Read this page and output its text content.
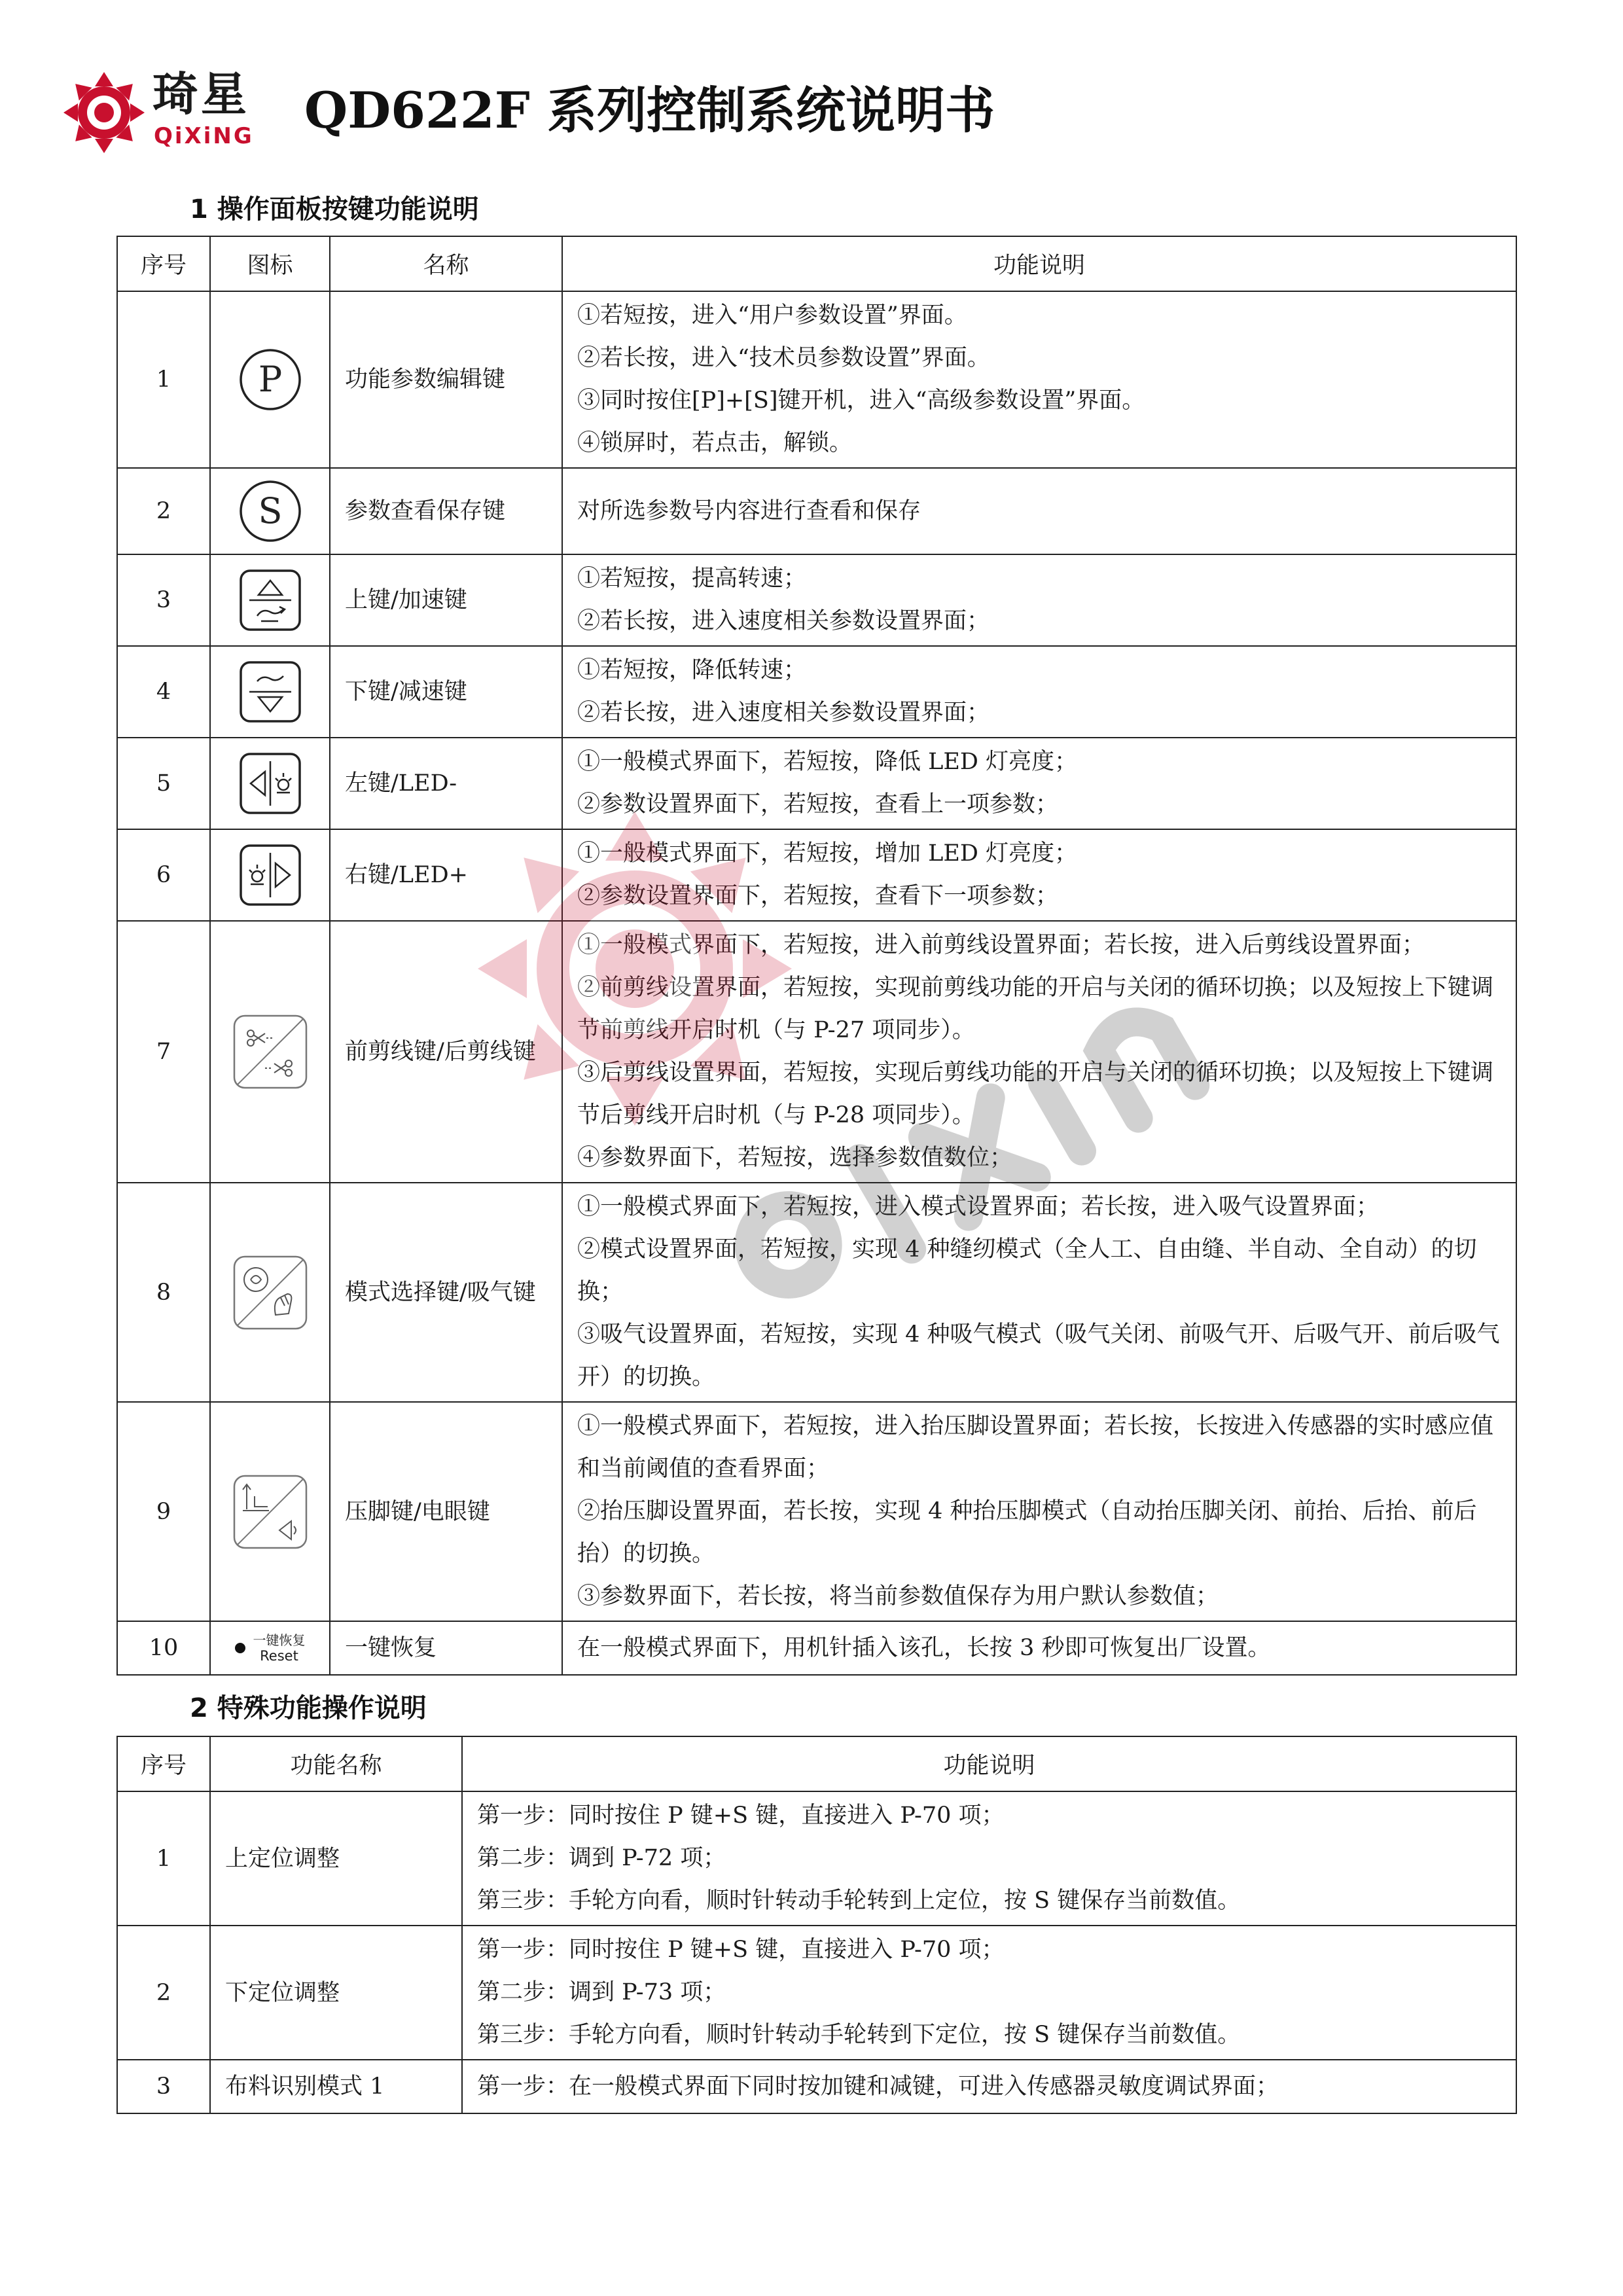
琦星
QiXiNG QD622F 系列控制系统说明书
1 操作面板按键功能说明
序号	图标	名称	功能说明
1	P	功能参数编辑键	①若短按，进入“用户参数设置”界面。
②若长按，进入“技术员参数设置”界面。
③同时按住[P]+[S]键开机，进入“高级参数设置”界面。
④锁屏时，若点击，解锁。

2	S	参数查看保存键	对所选参数号内容进行查看和保存

3		上键/加速键	①若短按，提高转速；
②若长按，进入速度相关参数设置界面；

4		下键/减速键	①若短按，降低转速；
②若长按，进入速度相关参数设置界面；

5		左键/LED-	①一般模式界面下，若短按，降低 LED 灯亮度；
②参数设置界面下，若短按，查看上一项参数；

6		右键/LED+	①一般模式界面下，若短按，增加 LED 灯亮度；
②参数设置界面下，若短按，查看下一项参数；

7		前剪线键/后剪线键	①一般模式界面下，若短按，进入前剪线设置界面；若长按，进入后剪线设置界面；
②前剪线设置界面，若短按，实现前剪线功能的开启与关闭的循环切换；以及短按上下键调节前剪线开启时机（与 P-27 项同步）。
③后剪线设置界面，若短按，实现后剪线功能的开启与关闭的循环切换；以及短按上下键调节后剪线开启时机（与 P-28 项同步）。
④参数界面下，若短按，选择参数值数位；

8		模式选择键/吸气键	①一般模式界面下，若短按，进入模式设置界面；若长按，进入吸气设置界面；
②模式设置界面，若短按，实现 4 种缝纫模式（全人工、自由缝、半自动、全自动）的切换；
③吸气设置界面，若短按，实现 4 种吸气模式（吸气关闭、前吸气开、后吸气开、前后吸气开）的切换。

9		压脚键/电眼键	①一般模式界面下，若短按，进入抬压脚设置界面；若长按，长按进入传感器的实时感应值和当前阈值的查看界面；
②抬压脚设置界面，若长按，实现 4 种抬压脚模式（自动抬压脚关闭、前抬、后抬、前后抬）的切换。
③参数界面下，若长按，将当前参数值保存为用户默认参数值；

10	一键恢复
Reset	一键恢复	在一般模式界面下，用机针插入该孔，长按 3 秒即可恢复出厂设置。
2 特殊功能操作说明
序号	功能名称	功能说明
1	上定位调整	第一步：同时按住 P 键+S 键，直接进入 P-70 项；
第二步：调到 P-72 项；
第三步：手轮方向看，顺时针转动手轮转到上定位，按 S 键保存当前数值。

2	下定位调整	第一步：同时按住 P 键+S 键，直接进入 P-70 项；
第二步：调到 P-73 项；
第三步：手轮方向看，顺时针转动手轮转到下定位，按 S 键保存当前数值。

3	布料识别模式 1	第一步：在一般模式界面下同时按加键和减键，可进入传感器灵敏度调试界面；
